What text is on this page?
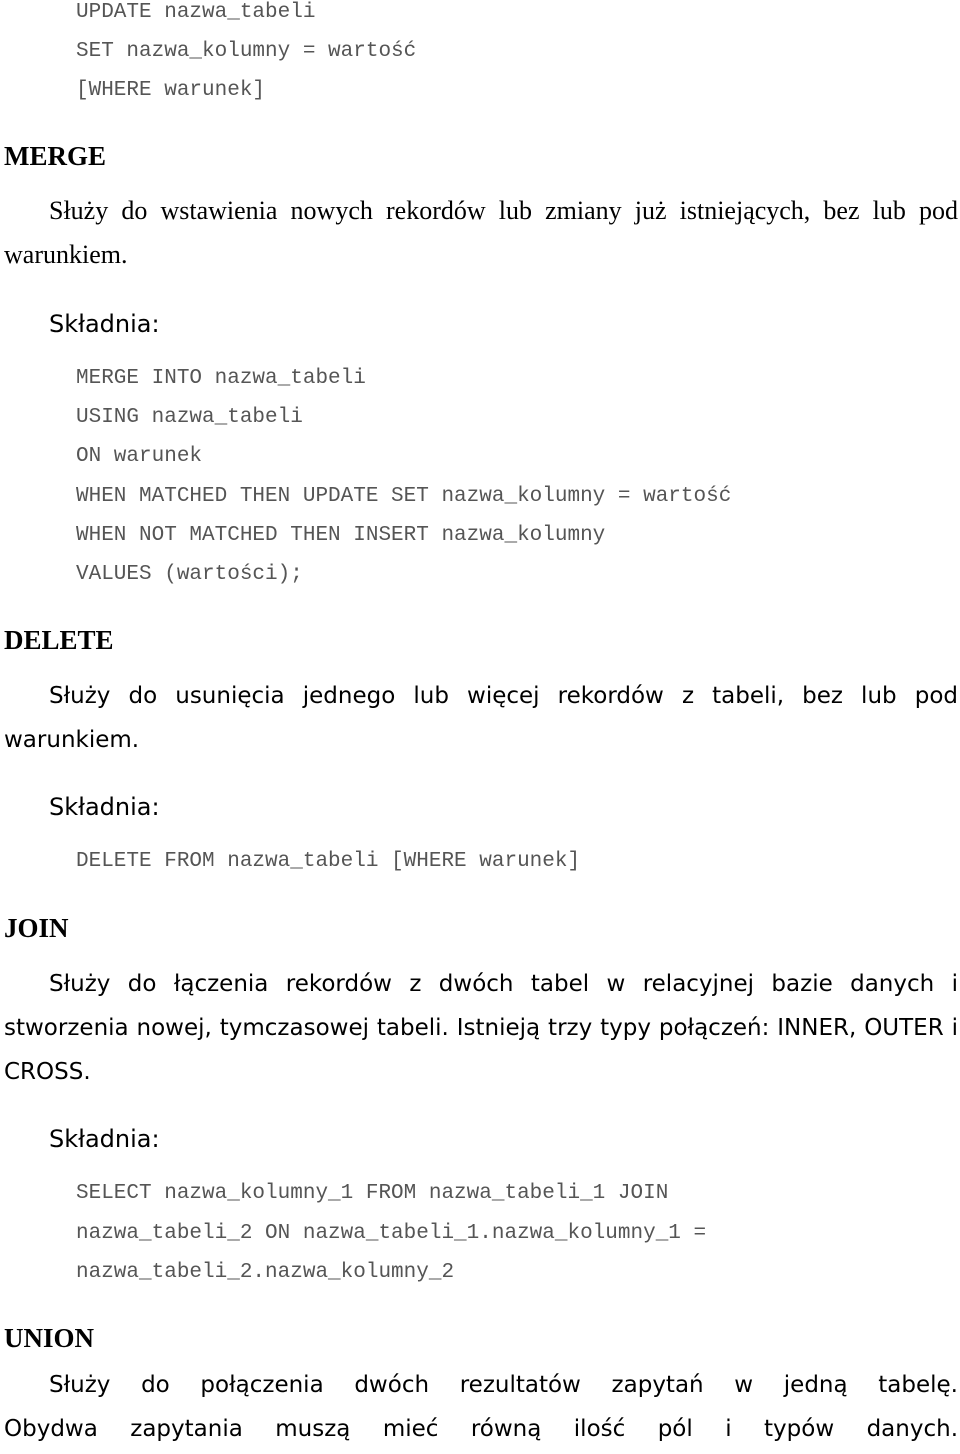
UPDATE nazwa_tabeli
SET nazwa_kolumny = wartość
[WHERE warunek]
MERGE
Służy do wstawienia nowych rekordów lub zmiany już istniejących, bez lub pod warunkiem.
Składnia:
MERGE INTO nazwa_tabeli
USING nazwa_tabeli
ON warunek
WHEN MATCHED THEN UPDATE SET nazwa_kolumny = wartość
WHEN NOT MATCHED THEN INSERT nazwa_kolumny
VALUES (wartości);
DELETE
Służy do usunięcia jednego lub więcej rekordów z tabeli, bez lub pod warunkiem.
Składnia:
DELETE FROM nazwa_tabeli [WHERE warunek]
JOIN
Służy do łączenia rekordów z dwóch tabel w relacyjnej bazie danych i stworzenia nowej, tymczasowej tabeli. Istnieją trzy typy połączeń: INNER, OUTER i CROSS.
Składnia:
SELECT nazwa_kolumny_1 FROM nazwa_tabeli_1 JOIN
nazwa_tabeli_2 ON nazwa_tabeli_1.nazwa_kolumny_1 =
nazwa_tabeli_2.nazwa_kolumny_2
UNION
Służy do połączenia dwóch rezultatów zapytań w jedną tabelę.
Obydwa zapytania muszą mieć równą ilość pól i typów danych.
